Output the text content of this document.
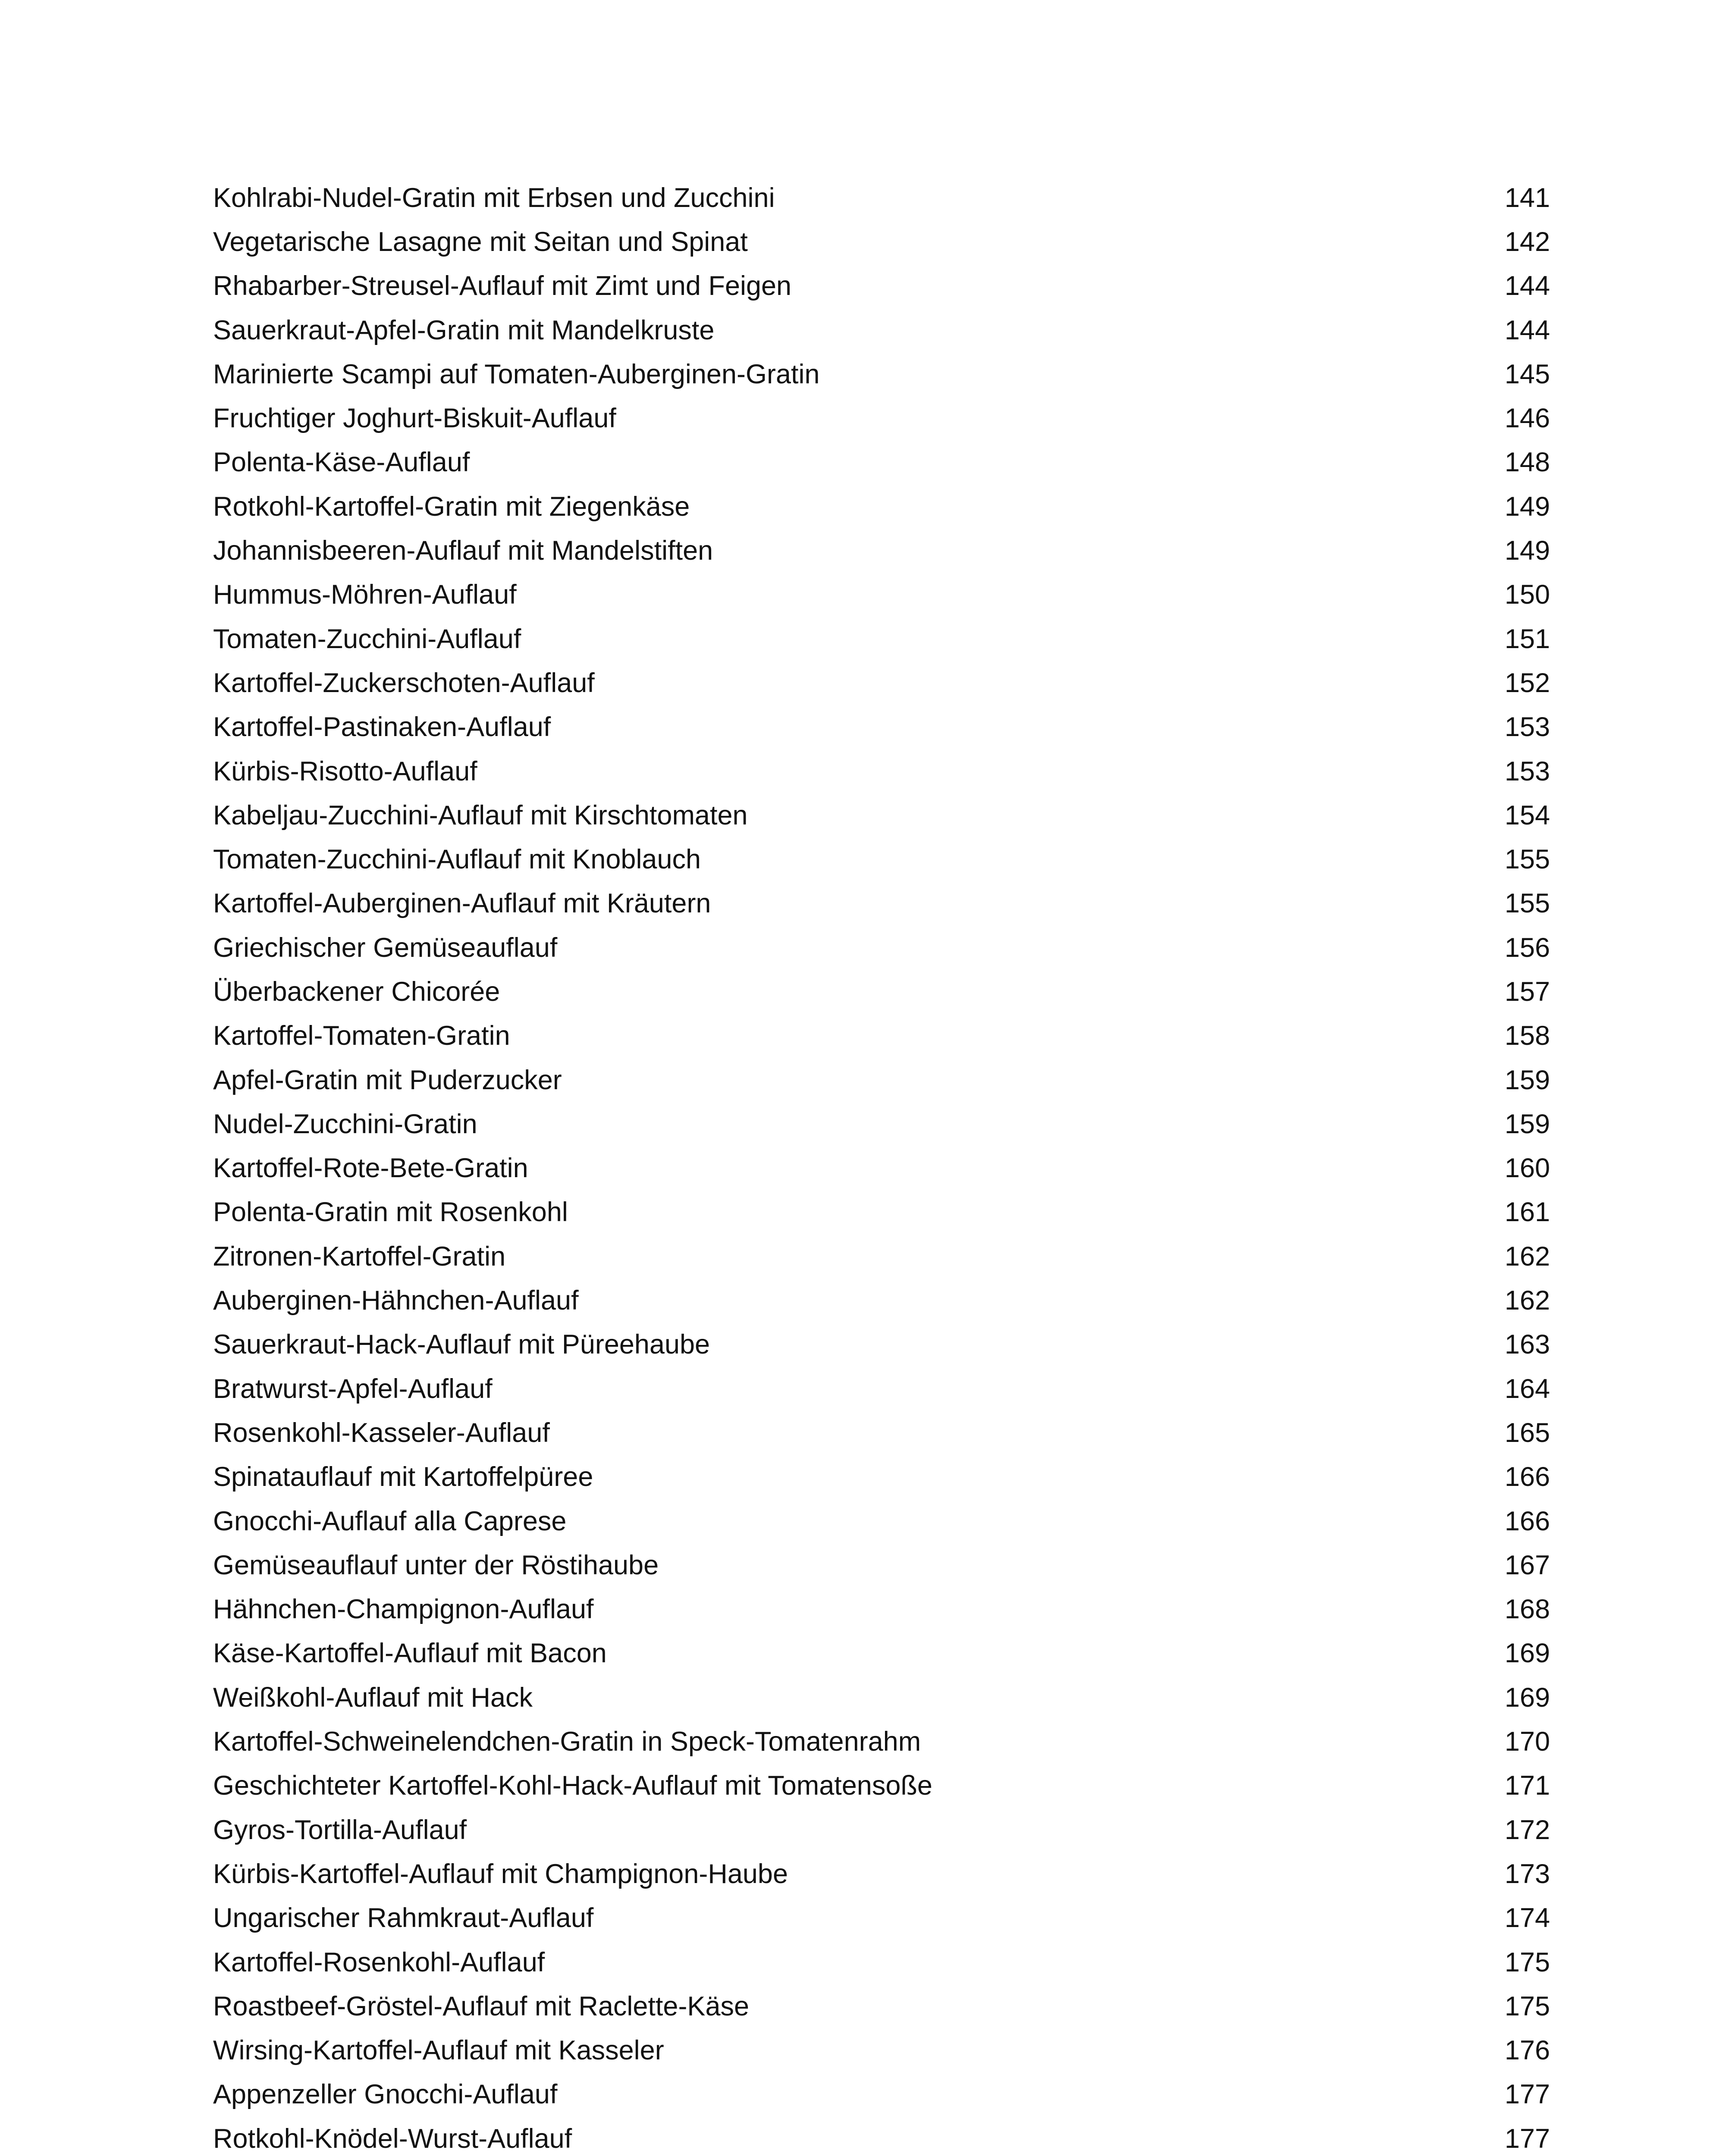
Kohlrabi-Nudel-Gratin mit Erbsen und Zucchini	141
Vegetarische Lasagne mit Seitan und Spinat	142
Rhabarber-Streusel-Auflauf mit Zimt und Feigen	144
Sauerkraut-Apfel-Gratin mit Mandelkruste	144
Marinierte Scampi auf Tomaten-Auberginen-Gratin	145
Fruchtiger Joghurt-Biskuit-Auflauf	146
Polenta-Käse-Auflauf	148
Rotkohl-Kartoffel-Gratin mit Ziegenkäse	149
Johannisbeeren-Auflauf mit Mandelstiften	149
Hummus-Möhren-Auflauf	150
Tomaten-Zucchini-Auflauf	151
Kartoffel-Zuckerschoten-Auflauf	152
Kartoffel-Pastinaken-Auflauf	153
Kürbis-Risotto-Auflauf	153
Kabeljau-Zucchini-Auflauf mit Kirschtomaten	154
Tomaten-Zucchini-Auflauf mit Knoblauch	155
Kartoffel-Auberginen-Auflauf mit Kräutern	155
Griechischer Gemüseauflauf	156
Überbackener Chicorée	157
Kartoffel-Tomaten-Gratin	158
Apfel-Gratin mit Puderzucker	159
Nudel-Zucchini-Gratin	159
Kartoffel-Rote-Bete-Gratin	160
Polenta-Gratin mit Rosenkohl	161
Zitronen-Kartoffel-Gratin	162
Auberginen-Hähnchen-Auflauf	162
Sauerkraut-Hack-Auflauf mit Püreehaube	163
Bratwurst-Apfel-Auflauf	164
Rosenkohl-Kasseler-Auflauf	165
Spinatauflauf mit Kartoffelpüree	166
Gnocchi-Auflauf alla Caprese	166
Gemüseauflauf unter der Röstihaube	167
Hähnchen-Champignon-Auflauf	168
Käse-Kartoffel-Auflauf mit Bacon	169
Weißkohl-Auflauf mit Hack	169
Kartoffel-Schweinelendchen-Gratin in Speck-Tomatenrahm	170
Geschichteter Kartoffel-Kohl-Hack-Auflauf mit Tomatensoße	171
Gyros-Tortilla-Auflauf	172
Kürbis-Kartoffel-Auflauf mit Champignon-Haube	173
Ungarischer Rahmkraut-Auflauf	174
Kartoffel-Rosenkohl-Auflauf	175
Roastbeef-Gröstel-Auflauf mit Raclette-Käse	175
Wirsing-Kartoffel-Auflauf mit Kasseler	176
Appenzeller Gnocchi-Auflauf	177
Rotkohl-Knödel-Wurst-Auflauf	177
